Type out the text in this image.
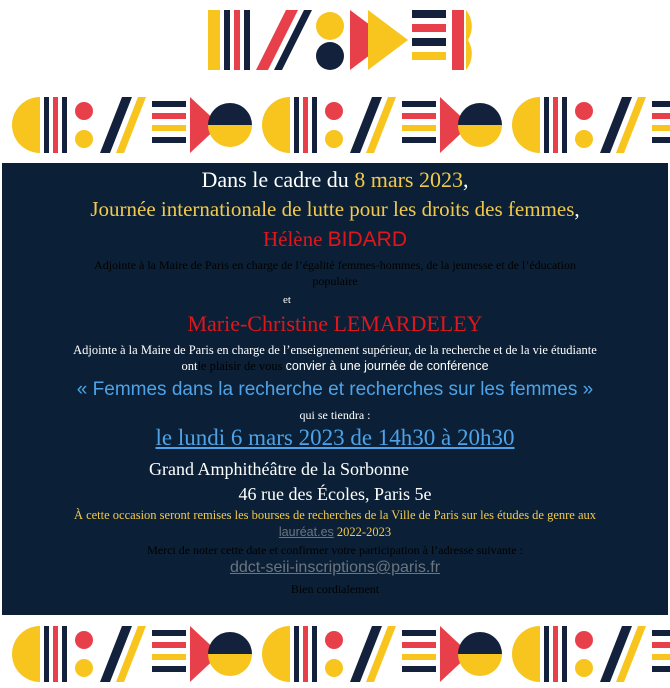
Dans le cadre du 8 mars 2023,
Journée internationale de lutte pour les droits des femmes,
Hélène BIDARD
Adjointe à la Maire de Paris en charge de l’égalité femmes-hommes, de la jeunesse et de l’éducation
populaire
et
Marie-Christine LEMARDELEY
Adjointe à la Maire de Paris en charge de l’enseignement supérieur, de la recherche et de la vie étudiante
ontle plaisir de vous convier à une journée de conférence
« Femmes dans la recherche et recherches sur les femmes »
qui se tiendra :
le lundi 6 mars 2023 de 14h30 à 20h30
Grand Amphithéâtre de la Sorbonne
46 rue des Écoles, Paris 5e
À cette occasion seront remises les bourses de recherches de la Ville de Paris sur les études de genre aux
lauréat.es 2022-2023
Merci de noter cette date et confirmer votre participation à l’adresse suivante :
ddct-seii-inscriptions@paris.fr
Bien cordialement
